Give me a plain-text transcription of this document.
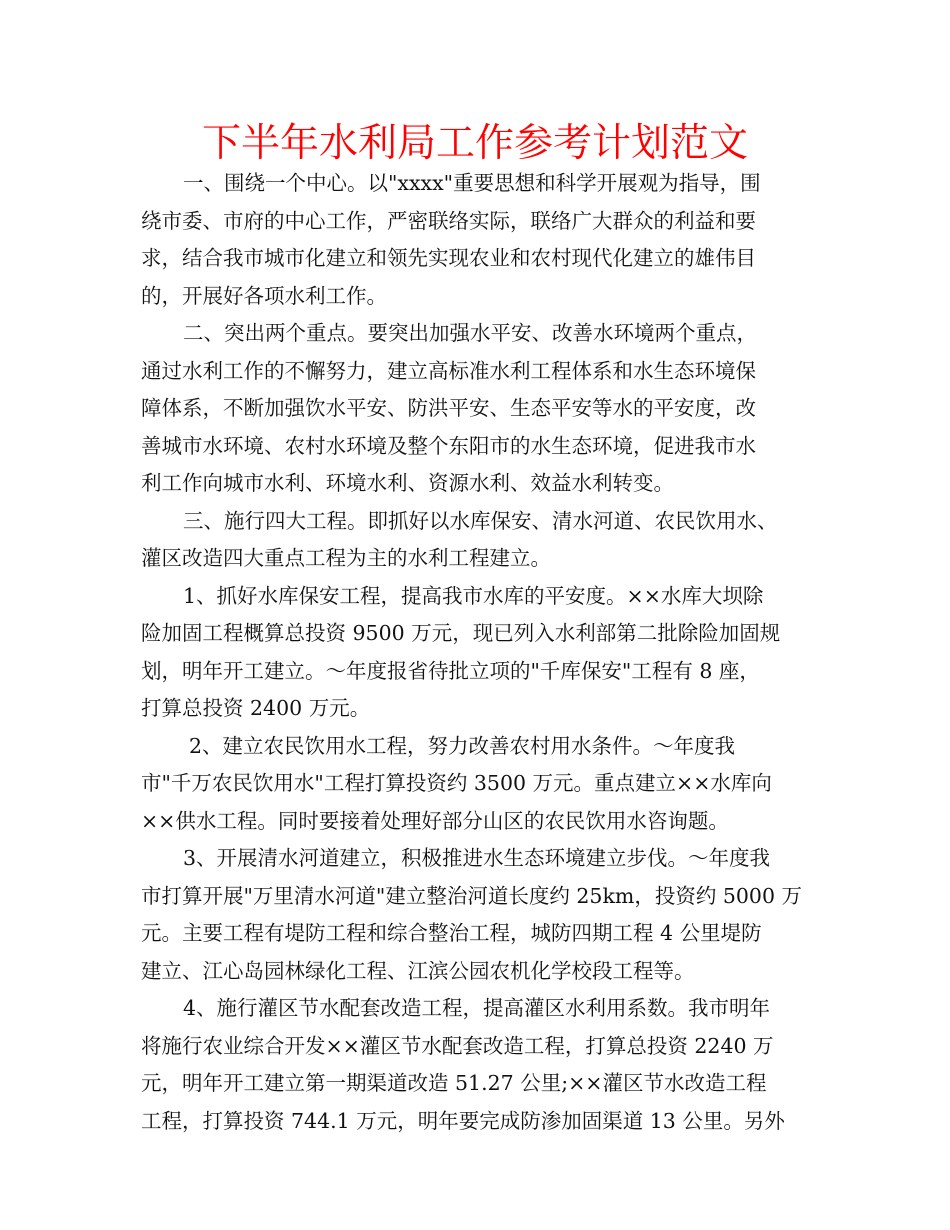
下半年水利局工作参考计划范文
一、围绕一个中心。以"xxxx"重要思想和科学开展观为指导，围
绕市委、市府的中心工作，严密联络实际，联络广大群众的利益和要
求，结合我市城市化建立和领先实现农业和农村现代化建立的雄伟目
的，开展好各项水利工作。
二、突出两个重点。要突出加强水平安、改善水环境两个重点，
通过水利工作的不懈努力，建立高标准水利工程体系和水生态环境保
障体系，不断加强饮水平安、防洪平安、生态平安等水的平安度，改
善城市水环境、农村水环境及整个东阳市的水生态环境，促进我市水
利工作向城市水利、环境水利、资源水利、效益水利转变。
三、施行四大工程。即抓好以水库保安、清水河道、农民饮用水、
灌区改造四大重点工程为主的水利工程建立。
1、抓好水库保安工程，提高我市水库的平安度。××水库大坝除
险加固工程概算总投资 9500 万元，现已列入水利部第二批除险加固规
划，明年开工建立。～年度报省待批立项的"千库保安"工程有 8 座，
打算总投资 2400 万元。
2、建立农民饮用水工程，努力改善农村用水条件。～年度我
市"千万农民饮用水"工程打算投资约 3500 万元。重点建立××水库向
××供水工程。同时要接着处理好部分山区的农民饮用水咨询题。
3、开展清水河道建立，积极推进水生态环境建立步伐。～年度我
市打算开展"万里清水河道"建立整治河道长度约 25km，投资约 5000 万
元。主要工程有堤防工程和综合整治工程，城防四期工程 4 公里堤防
建立、江心岛园林绿化工程、江滨公园农机化学校段工程等。
4、施行灌区节水配套改造工程，提高灌区水利用系数。我市明年
将施行农业综合开发××灌区节水配套改造工程，打算总投资 2240 万
元，明年开工建立第一期渠道改造 51.27 公里;××灌区节水改造工程
工程，打算投资 744.1 万元，明年要完成防渗加固渠道 13 公里。另外
